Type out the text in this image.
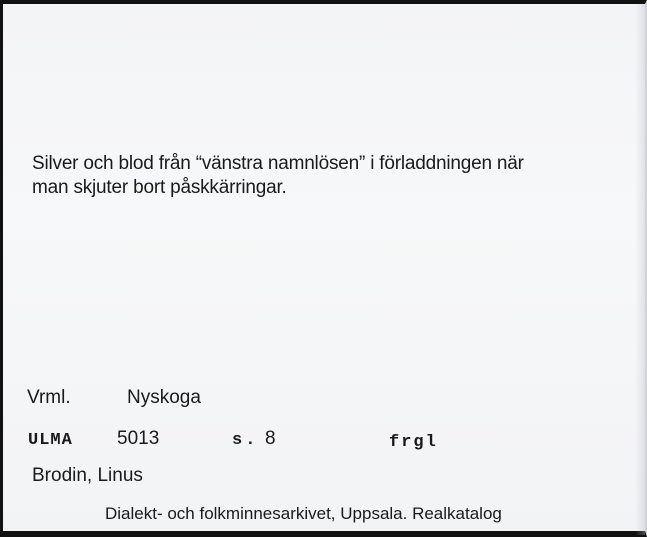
Silver och blod från “vänstra namnlösen” i förladdningen när
man skjuter bort påskkärringar.
Vrml.	Nyskoga
ULMA 5013	s. 8	frgl
Brodin, Linus
Dialekt- och folkminnesarkivet, Uppsala. Realkatalog
